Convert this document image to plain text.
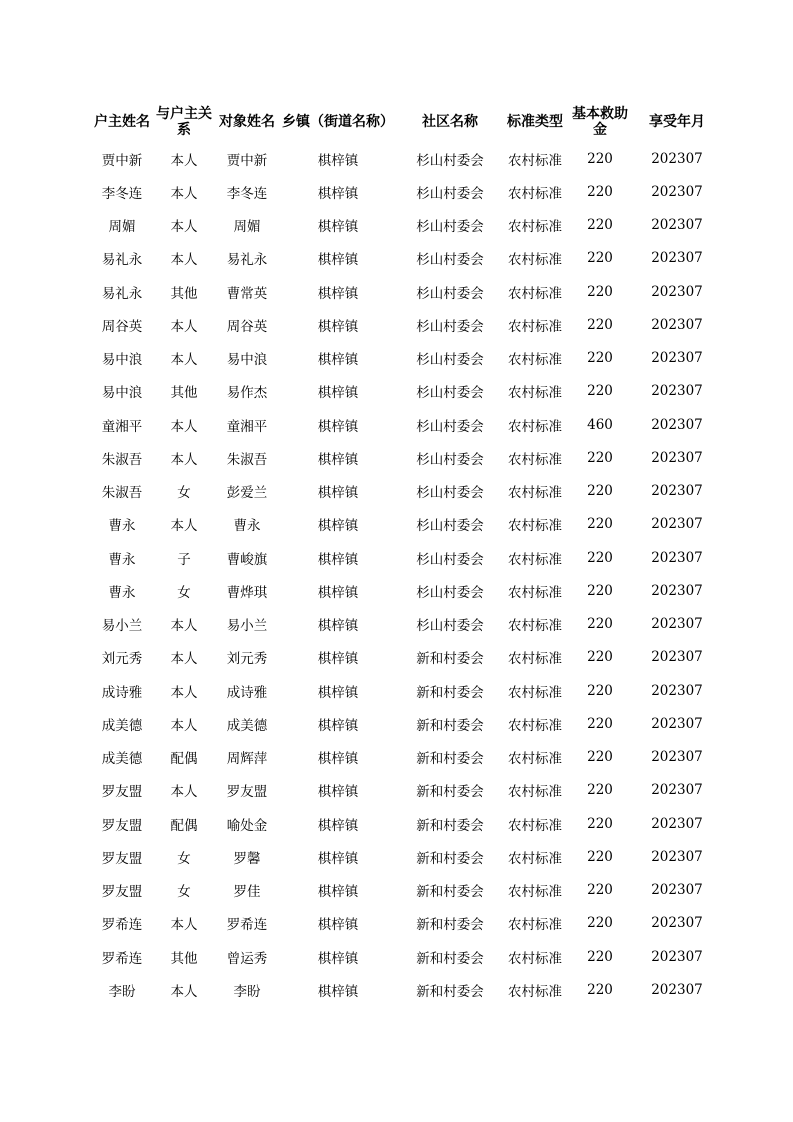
户主姓名	与户主关系	对象姓名	乡镇（街道名称）	社区名称	标准类型	基本救助金	享受年月
贾中新	本人	贾中新	棋梓镇	杉山村委会	农村标准	220	202307
李冬连	本人	李冬连	棋梓镇	杉山村委会	农村标准	220	202307
周媚	本人	周媚	棋梓镇	杉山村委会	农村标准	220	202307
易礼永	本人	易礼永	棋梓镇	杉山村委会	农村标准	220	202307
易礼永	其他	曹常英	棋梓镇	杉山村委会	农村标准	220	202307
周谷英	本人	周谷英	棋梓镇	杉山村委会	农村标准	220	202307
易中浪	本人	易中浪	棋梓镇	杉山村委会	农村标准	220	202307
易中浪	其他	易作杰	棋梓镇	杉山村委会	农村标准	220	202307
童湘平	本人	童湘平	棋梓镇	杉山村委会	农村标准	460	202307
朱淑吾	本人	朱淑吾	棋梓镇	杉山村委会	农村标准	220	202307
朱淑吾	女	彭爱兰	棋梓镇	杉山村委会	农村标准	220	202307
曹永	本人	曹永	棋梓镇	杉山村委会	农村标准	220	202307
曹永	子	曹峻旗	棋梓镇	杉山村委会	农村标准	220	202307
曹永	女	曹烨琪	棋梓镇	杉山村委会	农村标准	220	202307
易小兰	本人	易小兰	棋梓镇	杉山村委会	农村标准	220	202307
刘元秀	本人	刘元秀	棋梓镇	新和村委会	农村标准	220	202307
成诗雅	本人	成诗雅	棋梓镇	新和村委会	农村标准	220	202307
成美德	本人	成美德	棋梓镇	新和村委会	农村标准	220	202307
成美德	配偶	周辉萍	棋梓镇	新和村委会	农村标准	220	202307
罗友盟	本人	罗友盟	棋梓镇	新和村委会	农村标准	220	202307
罗友盟	配偶	喻处金	棋梓镇	新和村委会	农村标准	220	202307
罗友盟	女	罗馨	棋梓镇	新和村委会	农村标准	220	202307
罗友盟	女	罗佳	棋梓镇	新和村委会	农村标准	220	202307
罗希连	本人	罗希连	棋梓镇	新和村委会	农村标准	220	202307
罗希连	其他	曾运秀	棋梓镇	新和村委会	农村标准	220	202307
李盼	本人	李盼	棋梓镇	新和村委会	农村标准	220	202307
